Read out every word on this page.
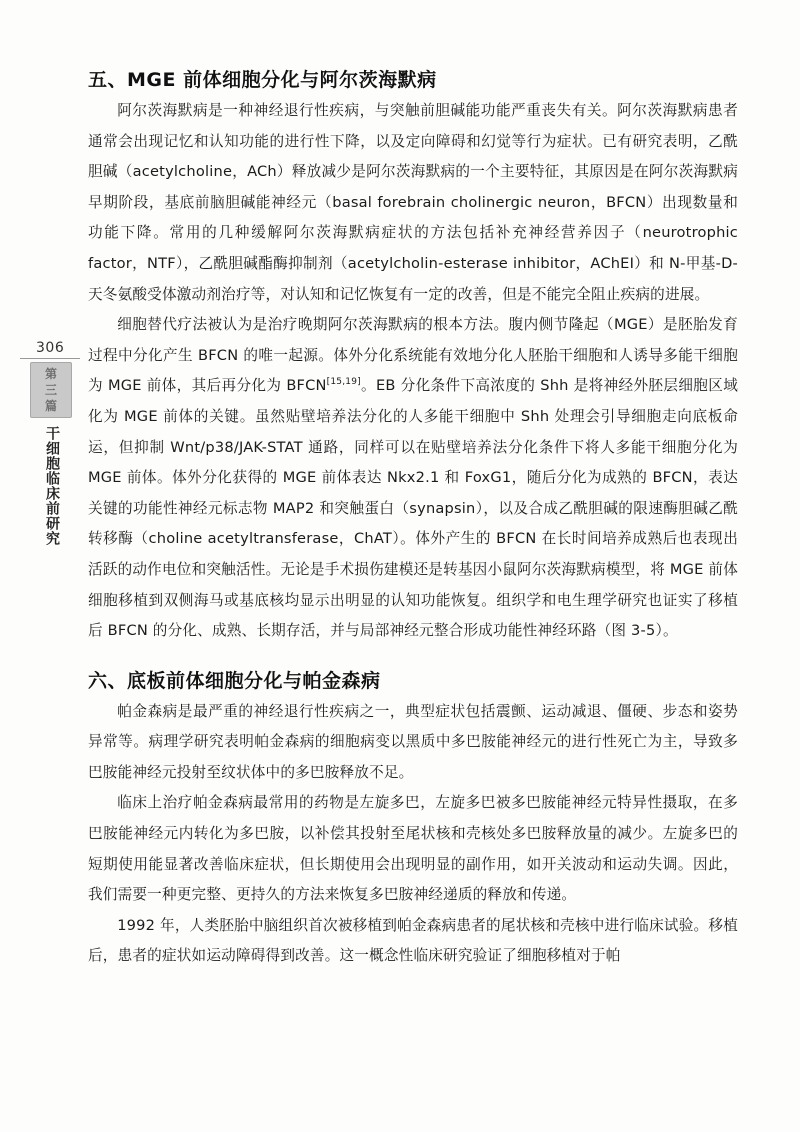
306
第
三
篇
干细胞临床前研究
五、MGE 前体细胞分化与阿尔茨海默病

阿尔茨海默病是一种神经退行性疾病，与突触前胆碱能功能严重丧失有关。阿尔茨海默病患者通常会出现记忆和认知功能的进行性下降，以及定向障碍和幻觉等行为症状。已有研究表明，乙酰胆碱（acetylcholine，ACh）释放减少是阿尔茨海默病的一个主要特征，其原因是在阿尔茨海默病早期阶段，基底前脑胆碱能神经元（basal forebrain cholinergic neuron，BFCN）出现数量和功能下降。常用的几种缓解阿尔茨海默病症状的方法包括补充神经营养因子（neurotrophic factor，NTF），乙酰胆碱酯酶抑制剂（acetylcholin-esterase inhibitor，AChEI）和 N-甲基-D-天冬氨酸受体激动剂治疗等，对认知和记忆恢复有一定的改善，但是不能完全阻止疾病的进展。

细胞替代疗法被认为是治疗晚期阿尔茨海默病的根本方法。腹内侧节隆起（MGE）是胚胎发育过程中分化产生 BFCN 的唯一起源。体外分化系统能有效地分化人胚胎干细胞和人诱导多能干细胞为 MGE 前体，其后再分化为 BFCN[15,19]。EB 分化条件下高浓度的 Shh 是将神经外胚层细胞区域化为 MGE 前体的关键。虽然贴壁培养法分化的人多能干细胞中 Shh 处理会引导细胞走向底板命运，但抑制 Wnt/p38/JAK-STAT 通路，同样可以在贴壁培养法分化条件下将人多能干细胞分化为 MGE 前体。体外分化获得的 MGE 前体表达 Nkx2.1 和 FoxG1，随后分化为成熟的 BFCN，表达关键的功能性神经元标志物 MAP2 和突触蛋白（synapsin），以及合成乙酰胆碱的限速酶胆碱乙酰转移酶（choline acetyltransferase，ChAT）。体外产生的 BFCN 在长时间培养成熟后也表现出活跃的动作电位和突触活性。无论是手术损伤建模还是转基因小鼠阿尔茨海默病模型，将 MGE 前体细胞移植到双侧海马或基底核均显示出明显的认知功能恢复。组织学和电生理学研究也证实了移植后 BFCN 的分化、成熟、长期存活，并与局部神经元整合形成功能性神经环路（图 3-5）。

六、底板前体细胞分化与帕金森病

帕金森病是最严重的神经退行性疾病之一，典型症状包括震颤、运动减退、僵硬、步态和姿势异常等。病理学研究表明帕金森病的细胞病变以黑质中多巴胺能神经元的进行性死亡为主，导致多巴胺能神经元投射至纹状体中的多巴胺释放不足。

临床上治疗帕金森病最常用的药物是左旋多巴，左旋多巴被多巴胺能神经元特异性摄取，在多巴胺能神经元内转化为多巴胺，以补偿其投射至尾状核和壳核处多巴胺释放量的减少。左旋多巴的短期使用能显著改善临床症状，但长期使用会出现明显的副作用，如开关波动和运动失调。因此，我们需要一种更完整、更持久的方法来恢复多巴胺神经递质的释放和传递。

1992 年，人类胚胎中脑组织首次被移植到帕金森病患者的尾状核和壳核中进行临床试验。移植后，患者的症状如运动障碍得到改善。这一概念性临床研究验证了细胞移植对于帕
